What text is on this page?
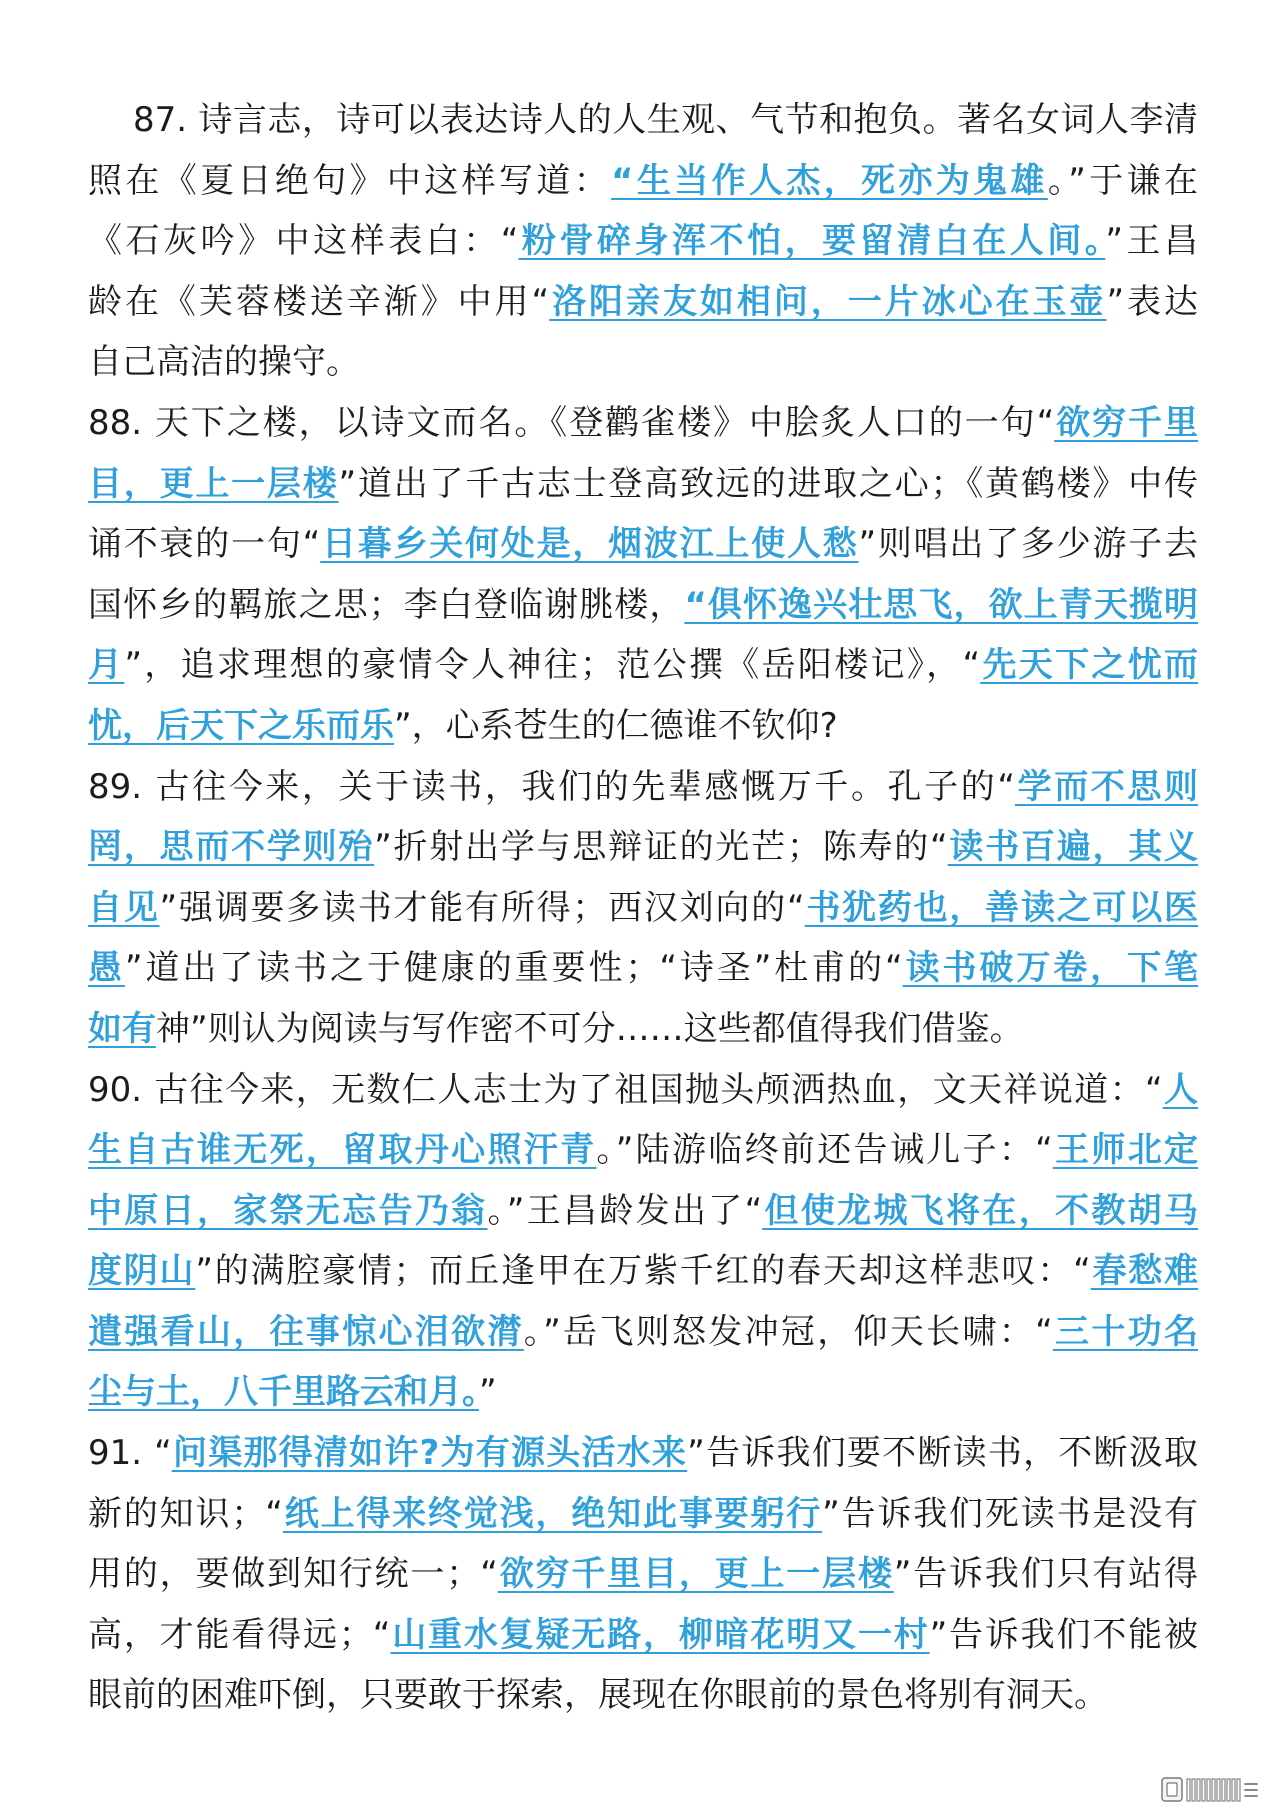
87. 诗言志，诗可以表达诗人的人生观、气节和抱负。著名女词人李清
照在《夏日绝句》中这样写道：“生当作人杰，死亦为鬼雄。”于谦在
《石灰吟》中这样表白：“粉骨碎身浑不怕，要留清白在人间。”王昌
龄在《芙蓉楼送辛渐》中用“洛阳亲友如相问，一片冰心在玉壶”表达
自己高洁的操守。
88. 天下之楼，以诗文而名。《登鹳雀楼》中脍炙人口的一句“欲穷千里
目，更上一层楼”道出了千古志士登高致远的进取之心；《黄鹤楼》中传
诵不衰的一句“日暮乡关何处是，烟波江上使人愁”则唱出了多少游子去
国怀乡的羁旅之思；李白登临谢朓楼，“俱怀逸兴壮思飞，欲上青天揽明
月”，追求理想的豪情令人神往；范公撰《岳阳楼记》，“先天下之忧而
忧，后天下之乐而乐”，心系苍生的仁德谁不钦仰?
89. 古往今来，关于读书，我们的先辈感慨万千。孔子的“学而不思则
罔，思而不学则殆”折射出学与思辩证的光芒；陈寿的“读书百遍，其义
自见”强调要多读书才能有所得；西汉刘向的“书犹药也，善读之可以医
愚”道出了读书之于健康的重要性；“诗圣”杜甫的“读书破万卷，下笔
如有神”则认为阅读与写作密不可分……这些都值得我们借鉴。
90. 古往今来，无数仁人志士为了祖国抛头颅洒热血，文天祥说道：“人
生自古谁无死，留取丹心照汗青。”陆游临终前还告诫儿子：“王师北定
中原日，家祭无忘告乃翁。”王昌龄发出了“但使龙城飞将在，不教胡马
度阴山”的满腔豪情；而丘逢甲在万紫千红的春天却这样悲叹：“春愁难
遣强看山，往事惊心泪欲潸。”岳飞则怒发冲冠，仰天长啸：“三十功名
尘与土，八千里路云和月。”
91. “问渠那得清如许?为有源头活水来”告诉我们要不断读书，不断汲取
新的知识；“纸上得来终觉浅，绝知此事要躬行”告诉我们死读书是没有
用的，要做到知行统一；“欲穷千里目，更上一层楼”告诉我们只有站得
高，才能看得远；“山重水复疑无路，柳暗花明又一村”告诉我们不能被
眼前的困难吓倒，只要敢于探索，展现在你眼前的景色将别有洞天。
